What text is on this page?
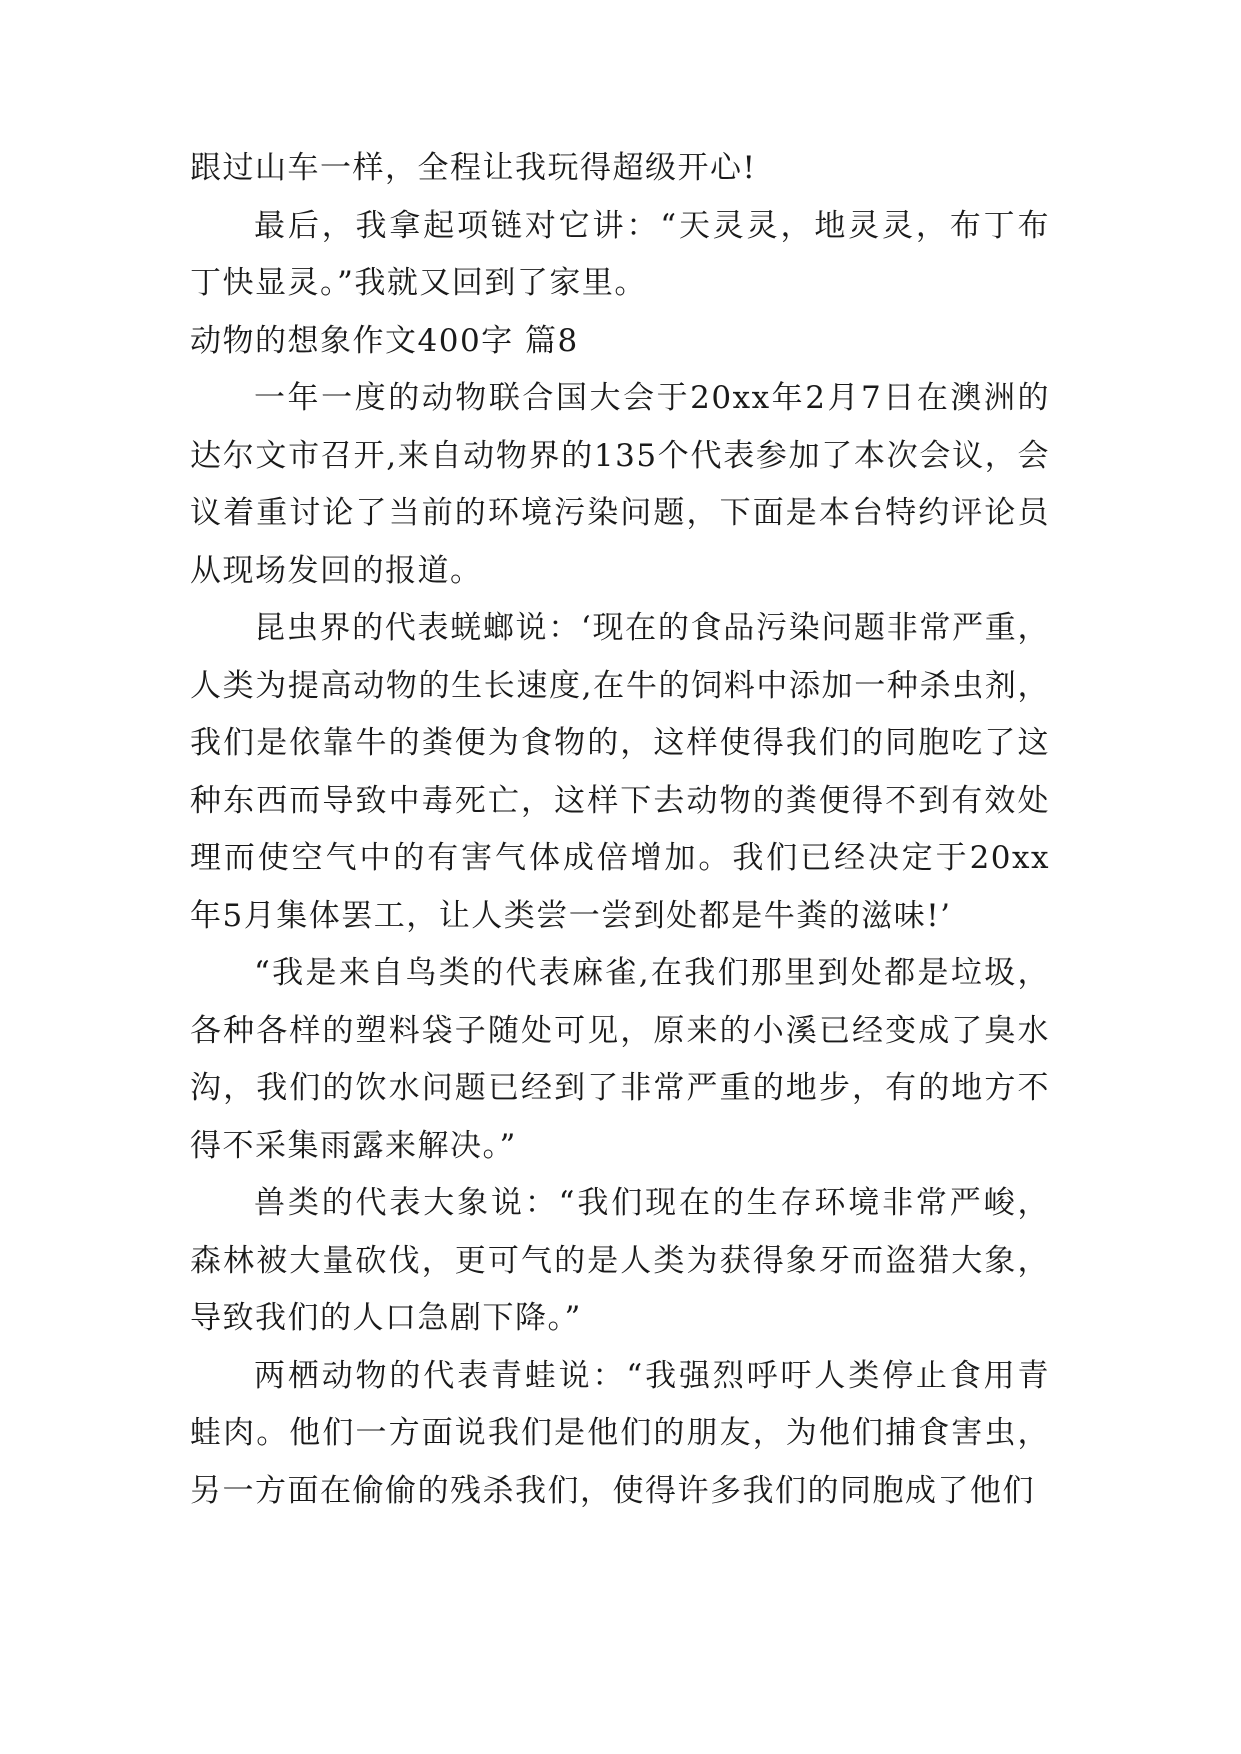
跟过山车一样，全程让我玩得超级开心!

最后，我拿起项链对它讲：“天灵灵，地灵灵，布丁布丁快显灵。”我就又回到了家里。

动物的想象作文400字 篇8

一年一度的动物联合国大会于20xx年2月7日在澳洲的达尔文市召开,来自动物界的135个代表参加了本次会议，会议着重讨论了当前的环境污染问题，下面是本台特约评论员从现场发回的报道。

昆虫界的代表蜣螂说：‘现在的食品污染问题非常严重，人类为提高动物的生长速度,在牛的饲料中添加一种杀虫剂，我们是依靠牛的粪便为食物的，这样使得我们的同胞吃了这种东西而导致中毒死亡，这样下去动物的粪便得不到有效处理而使空气中的有害气体成倍增加。我们已经决定于20xx年5月集体罢工，让人类尝一尝到处都是牛粪的滋味!’

“我是来自鸟类的代表麻雀,在我们那里到处都是垃圾，各种各样的塑料袋子随处可见，原来的小溪已经变成了臭水沟，我们的饮水问题已经到了非常严重的地步，有的地方不得不采集雨露来解决。”

兽类的代表大象说：“我们现在的生存环境非常严峻，森林被大量砍伐，更可气的是人类为获得象牙而盗猎大象，导致我们的人口急剧下降。”

两栖动物的代表青蛙说：“我强烈呼吁人类停止食用青蛙肉。他们一方面说我们是他们的朋友，为他们捕食害虫，另一方面在偷偷的残杀我们，使得许多我们的同胞成了他们
